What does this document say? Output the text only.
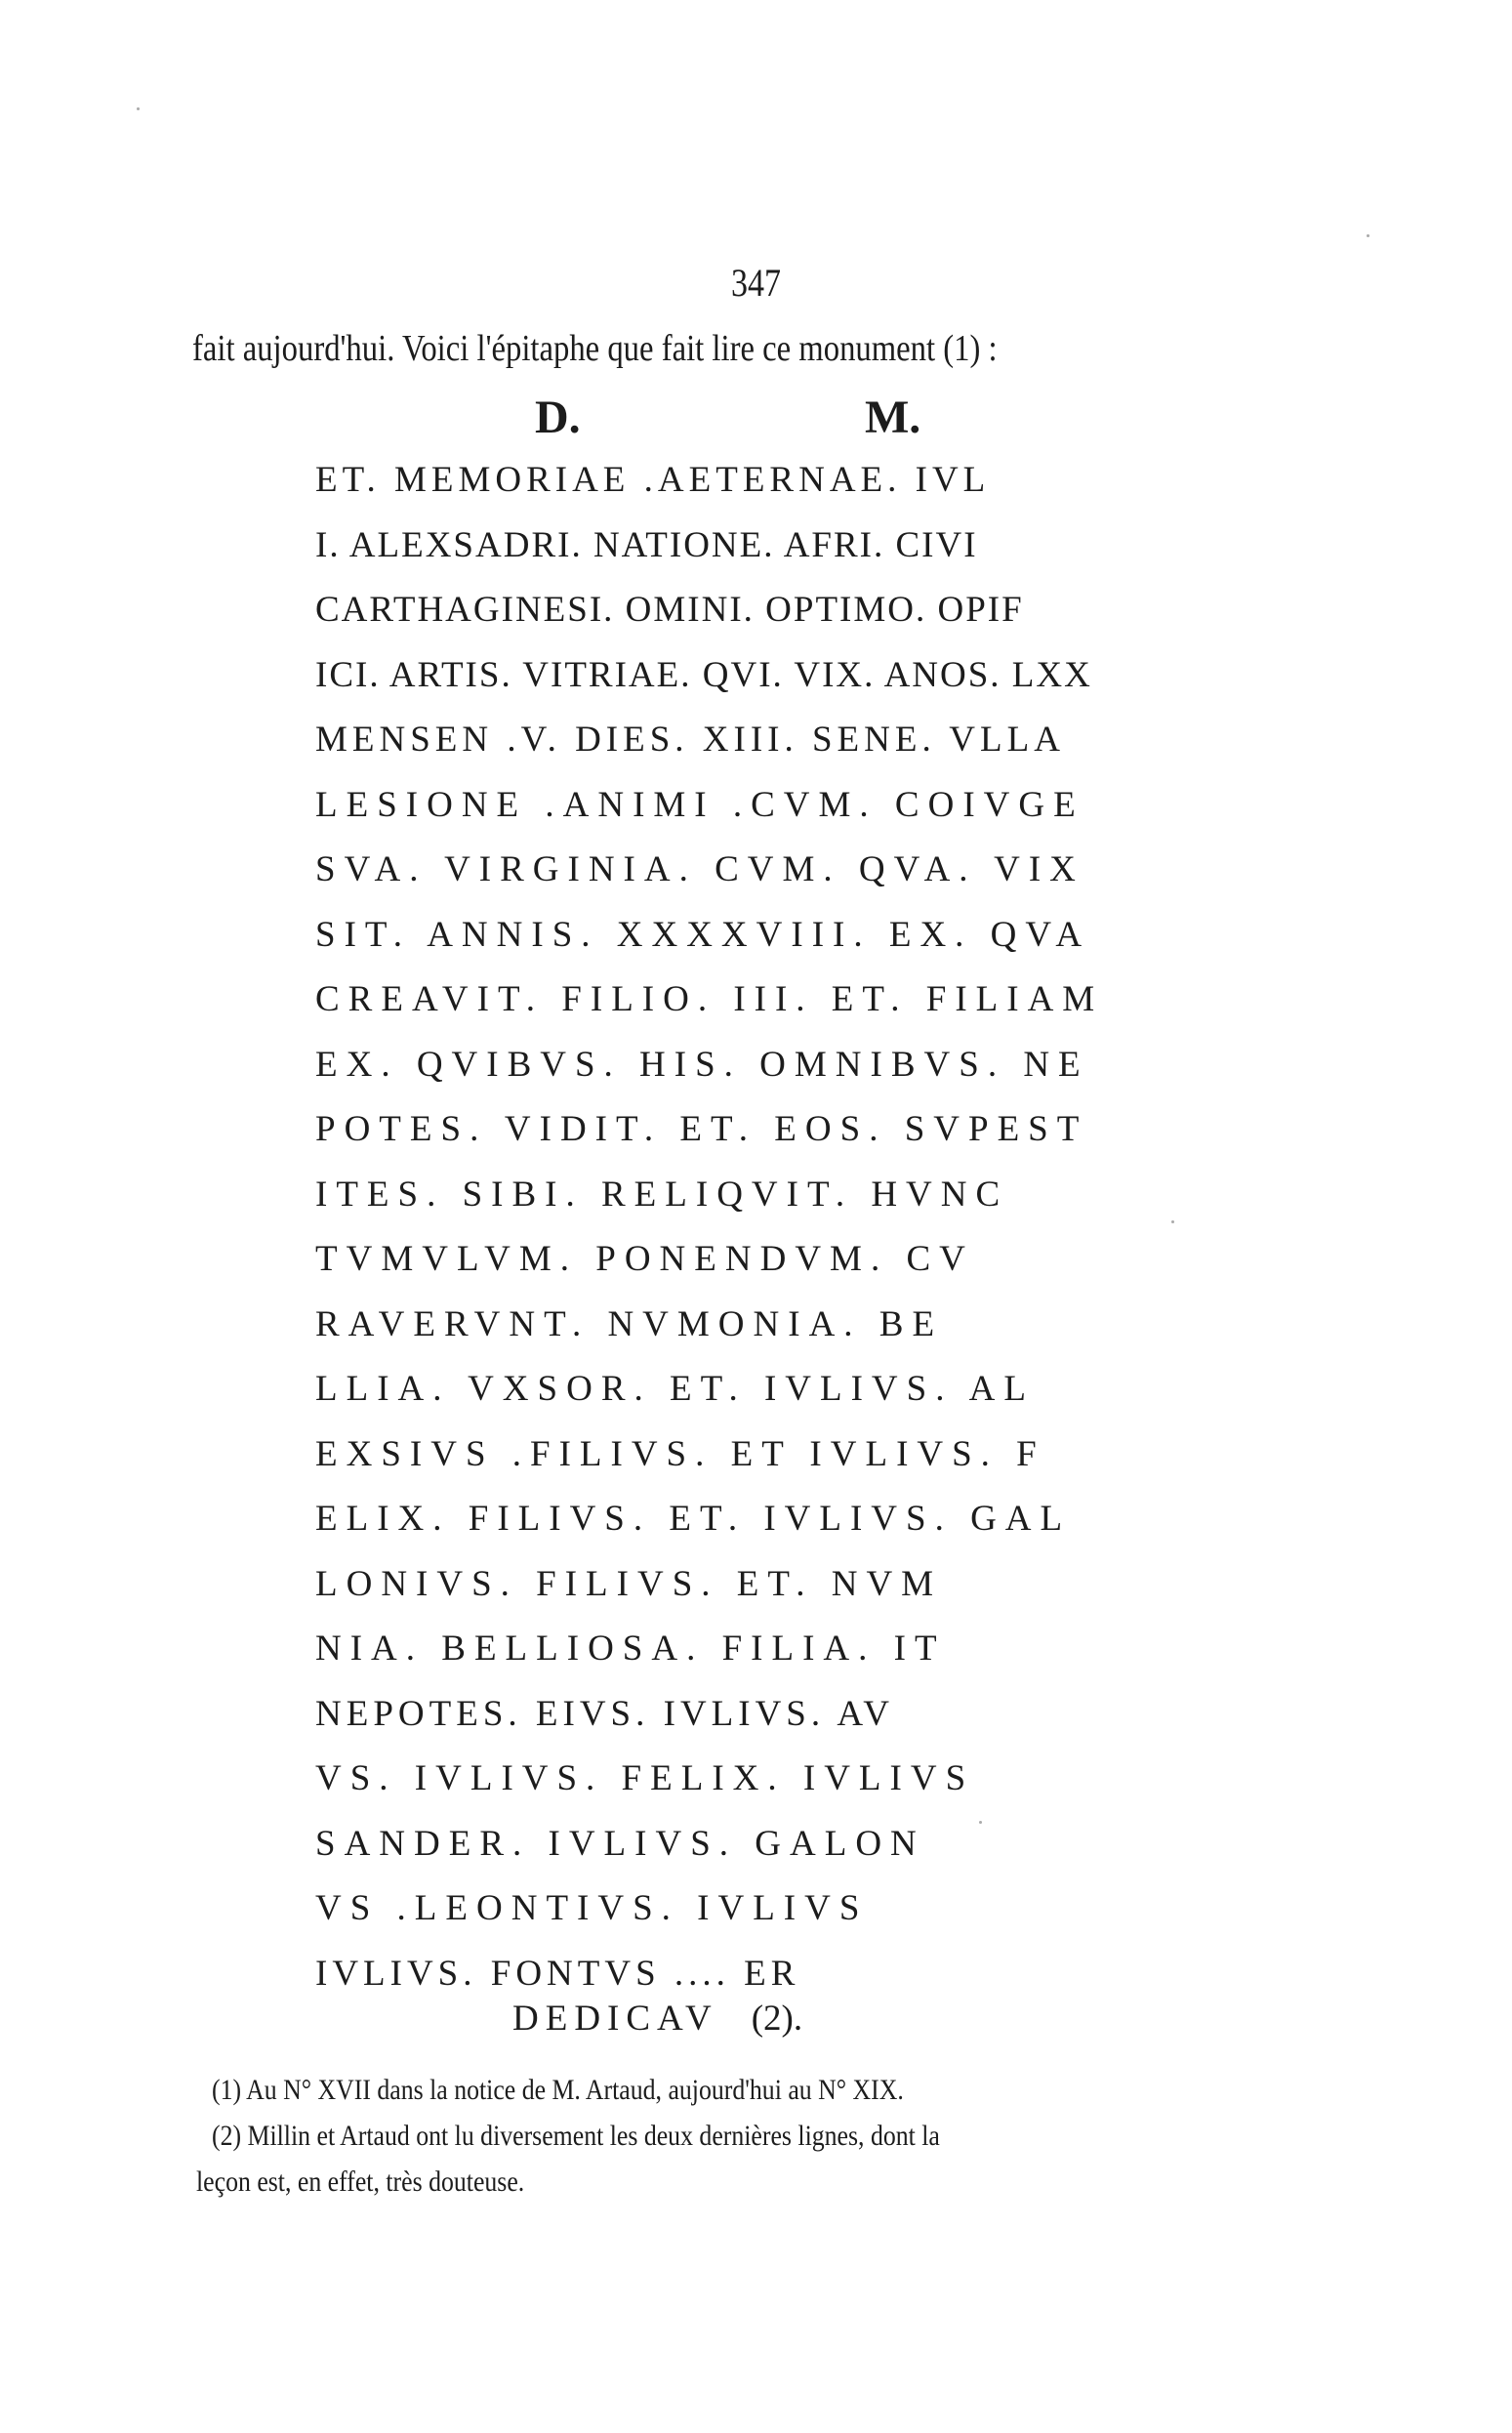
347
fait aujourd'hui. Voici l'épitaphe que fait lire ce monument (1) :
D.	M.
ET. MEMORIAE .AETERNAE. IVL
I. ALEXSADRI. NATIONE. AFRI. CIVI
CARTHAGINESI. OMINI. OPTIMO. OPIF
ICI. ARTIS. VITRIAE. QVI. VIX. ANOS. LXX
MENSEN .V. DIES. XIII. SENE. VLLA
LESIONE .ANIMI .CVM. COIVGE
SVA. VIRGINIA. CVM. QVA. VIX
SIT. ANNIS. XXXXVIII. EX. QVA
CREAVIT. FILIO. III. ET. FILIAM
EX. QVIBVS. HIS. OMNIBVS. NE
POTES. VIDIT. ET. EOS. SVPEST
ITES. SIBI. RELIQVIT. HVNC
TVMVLVM. PONENDVM. CV
RAVERVNT. NVMONIA. BE
LLIA. VXSOR. ET. IVLIVS. AL
EXSIVS .FILIVS. ET IVLIVS. F
ELIX. FILIVS. ET. IVLIVS. GAL
LONIVS. FILIVS. ET. NVM
NIA. BELLIOSA. FILIA. IT
NEPOTES. EIVS. IVLIVS. AV
VS. IVLIVS. FELIX. IVLIVS
SANDER. IVLIVS. GALON
VS .LEONTIVS. IVLIVS
IVLIVS. FONTVS .... ER
DEDICAV (2).
(1) Au N° XVII dans la notice de M. Artaud, aujourd'hui au N° XIX.
(2) Millin et Artaud ont lu diversement les deux dernières lignes, dont la
leçon est, en effet, très douteuse.
